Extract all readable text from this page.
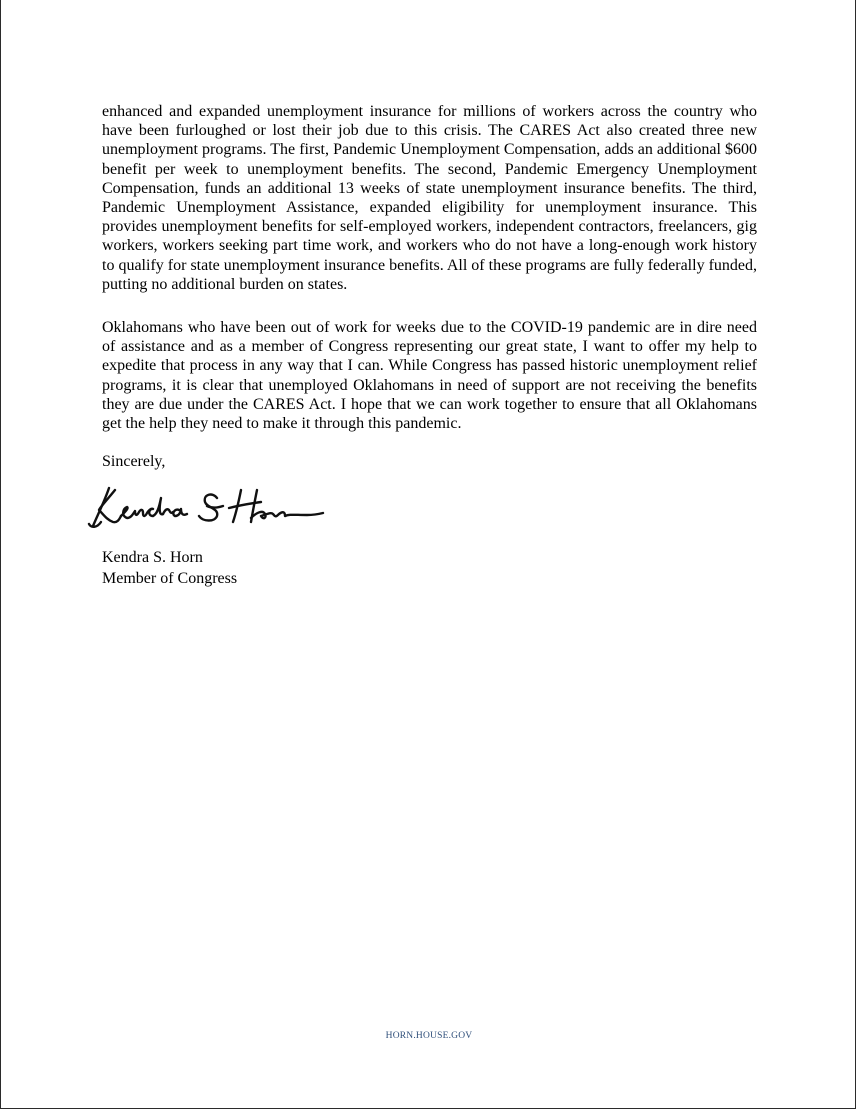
enhanced and expanded unemployment insurance for millions of workers across the country who have been furloughed or lost their job due to this crisis. The CARES Act also created three new unemployment programs. The first, Pandemic Unemployment Compensation, adds an additional $600 benefit per week to unemployment benefits. The second, Pandemic Emergency Unemployment Compensation, funds an additional 13 weeks of state unemployment insurance benefits. The third, Pandemic Unemployment Assistance, expanded eligibility for unemployment insurance. This provides unemployment benefits for self-employed workers, independent contractors, freelancers, gig workers, workers seeking part time work, and workers who do not have a long-enough work history to qualify for state unemployment insurance benefits. All of these programs are fully federally funded, putting no additional burden on states.

Oklahomans who have been out of work for weeks due to the COVID-19 pandemic are in dire need of assistance and as a member of Congress representing our great state, I want to offer my help to expedite that process in any way that I can. While Congress has passed historic unemployment relief programs, it is clear that unemployed Oklahomans in need of support are not receiving the benefits they are due under the CARES Act. I hope that we can work together to ensure that all Oklahomans get the help they need to make it through this pandemic.

Sincerely,
Kendra S. Horn
Member of Congress
HORN.HOUSE.GOV
